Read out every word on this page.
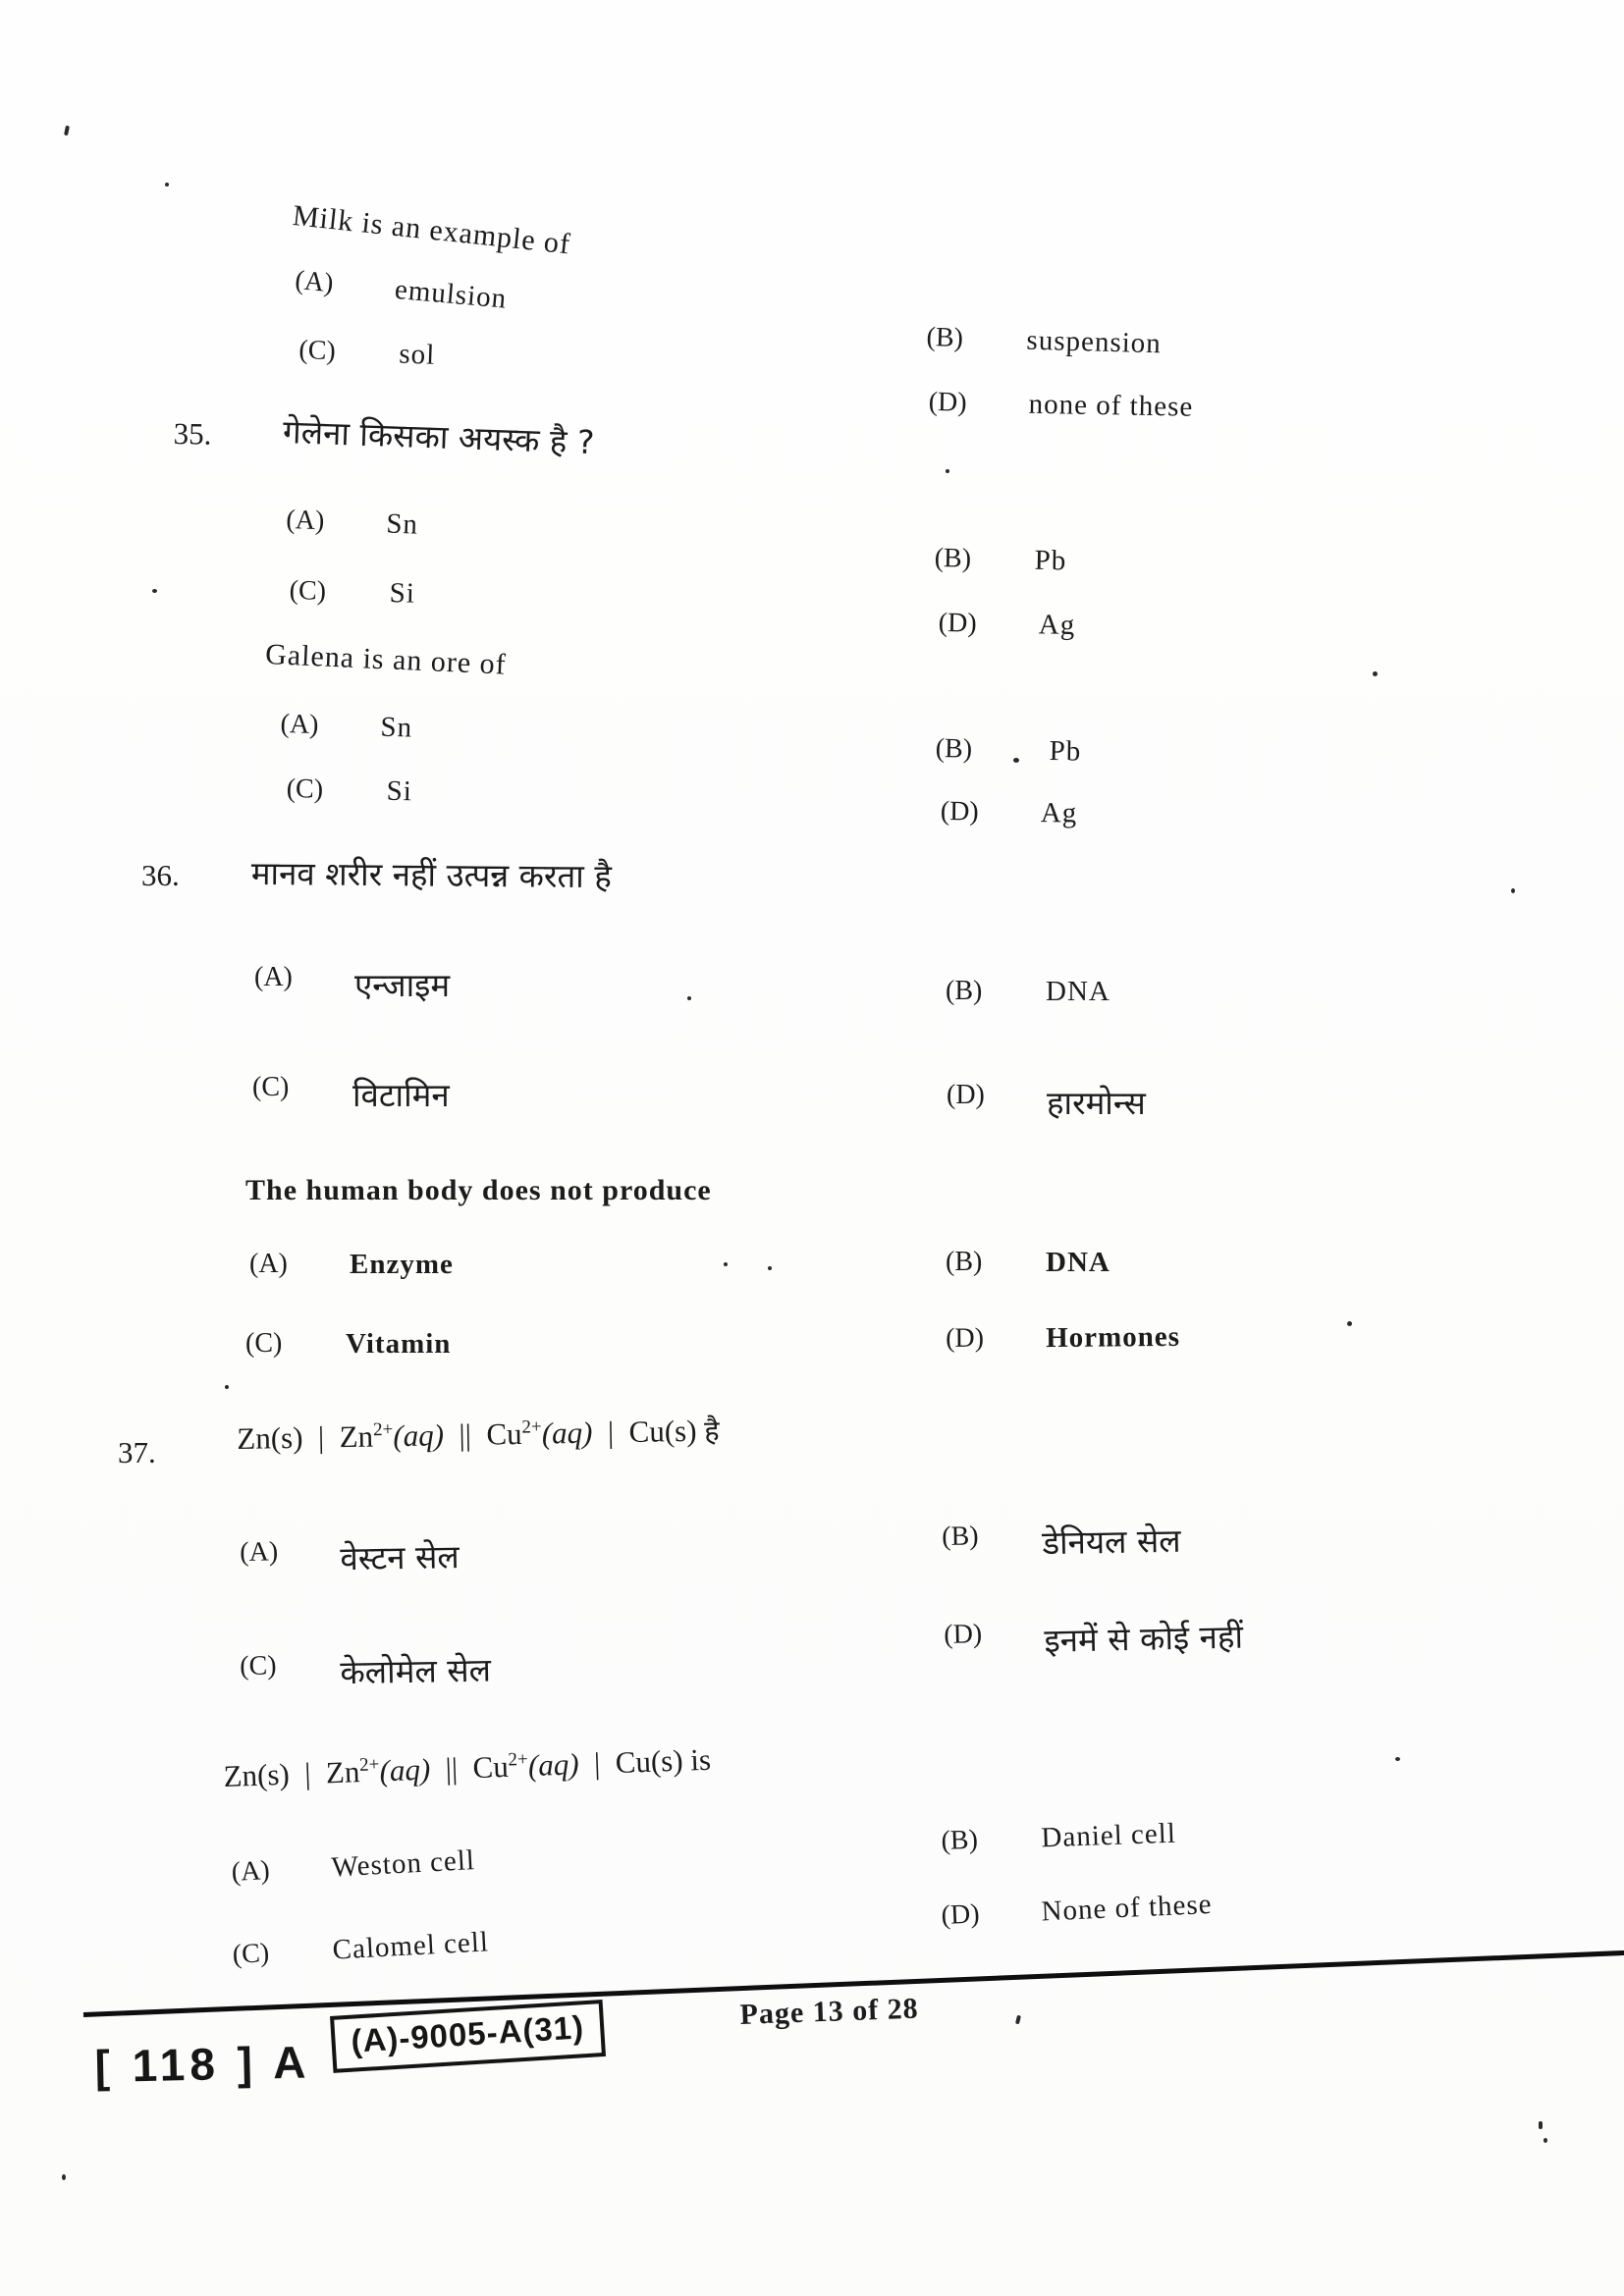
Milk is an example of
(A)	emulsion
(B)	suspension
(C)	sol
(D)	none of these
35. गेलेना किसका अयस्क है ?
(A)	Sn
(B)	Pb
(C)	Si
(D)	Ag
Galena is an ore of
(A)	Sn
(B)	Pb
(C)	Si
(D)	Ag
36. मानव शरीर नहीं उत्पन्न करता है
(A)	एन्जाइम	(B)	DNA
(C)	विटामिन	(D)	हारमोन्स
The human body does not produce
(A)	Enzyme	(B)	DNA
(C)	Vitamin	(D)	Hormones
37.	Zn(s)  |  $Zn^{2+}(aq)$  ||  $Cu^{2+}(aq)$  |  Cu(s) है
(A)	वेस्टन सेल
(B)	डेनियल सेल
(C)	केलोमेल सेल
(D)	इनमें से कोई नहीं
Zn(s)  |  $Zn^{2+}(aq)$  ||  $Cu^{2+}(aq)$  |  Cu(s) is
(B)	Daniel cell
(A)	Weston cell
(D)	None of these
(C)	Calomel cell
[ 118 ] A
(A)-9005-A(31)	Page 13 of 28
